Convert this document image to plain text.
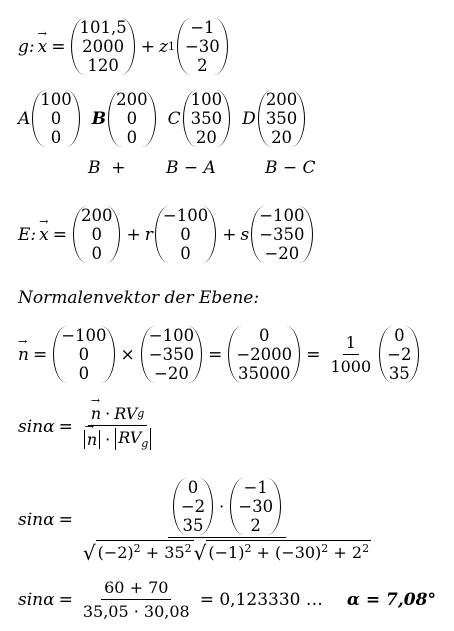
g: → x =
101,5
2000
120
+ z 1
−1
−30
2
A
100
0
0
B
200
0
0
C
100
350
20
D
200
350
20
B  + B − A	B − C
E: → x =
200
0
0
+ r
−100
0
0
+ s
−100
−350
−20
Normalenvektor der Ebene:
→ n =
−100
0
0
×
−100
−350
−20
=
0
−2000
35000
= $\frac{1}{1000} 0$
−2
35
sinα = → n · RV g
→ $n \cdot RV_g$
sinα =
0
−2
35
·
−1
−30
2
√ $(-2)^2 + 35^2$ √ $(-1)^2 + (-30)^2 + 2^2$
$\sin\alpha = \frac{60 + 70}{35,05 \cdot 30,08} = 0,123330$ … α = 7,08°
